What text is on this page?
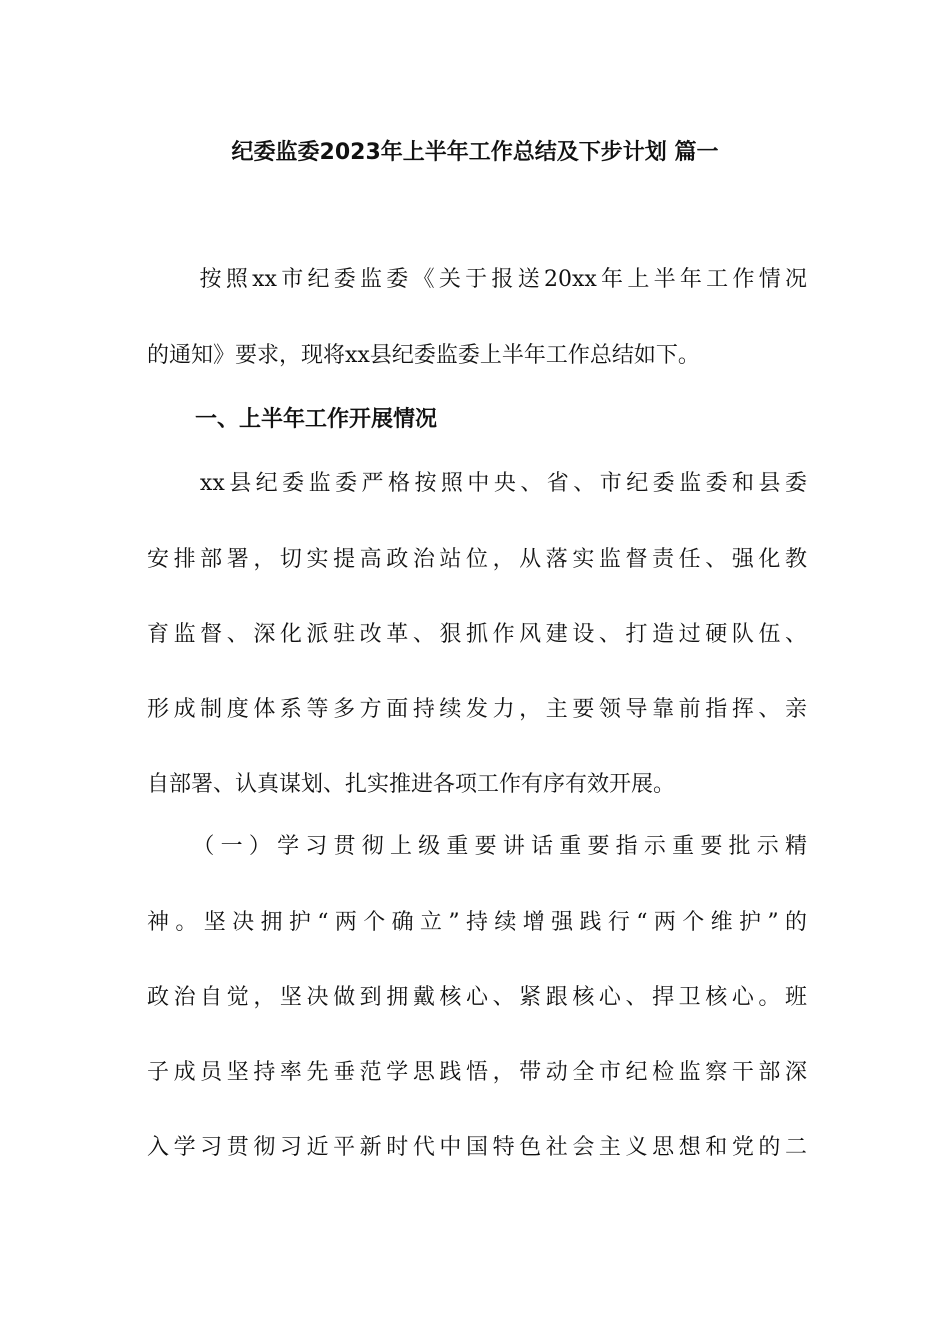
纪委监委2023年上半年工作总结及下步计划 篇一
　　按照xx市纪委监委《关于报送20xx年上半年工作情况
的通知》要求，现将xx县纪委监委上半年工作总结如下。
一、上半年工作开展情况
　　xx县纪委监委严格按照中央、省、市纪委监委和县委
安排部署，切实提高政治站位，从落实监督责任、强化教
育监督、深化派驻改革、狠抓作风建设、打造过硬队伍、
形成制度体系等多方面持续发力，主要领导靠前指挥、亲
自部署、认真谋划、扎实推进各项工作有序有效开展。
　　（一）学习贯彻上级重要讲话重要指示重要批示精
神。坚决拥护“两个确立”持续增强践行“两个维护”的
政治自觉，坚决做到拥戴核心、紧跟核心、捍卫核心。班
子成员坚持率先垂范学思践悟，带动全市纪检监察干部深
入学习贯彻习近平新时代中国特色社会主义思想和党的二
